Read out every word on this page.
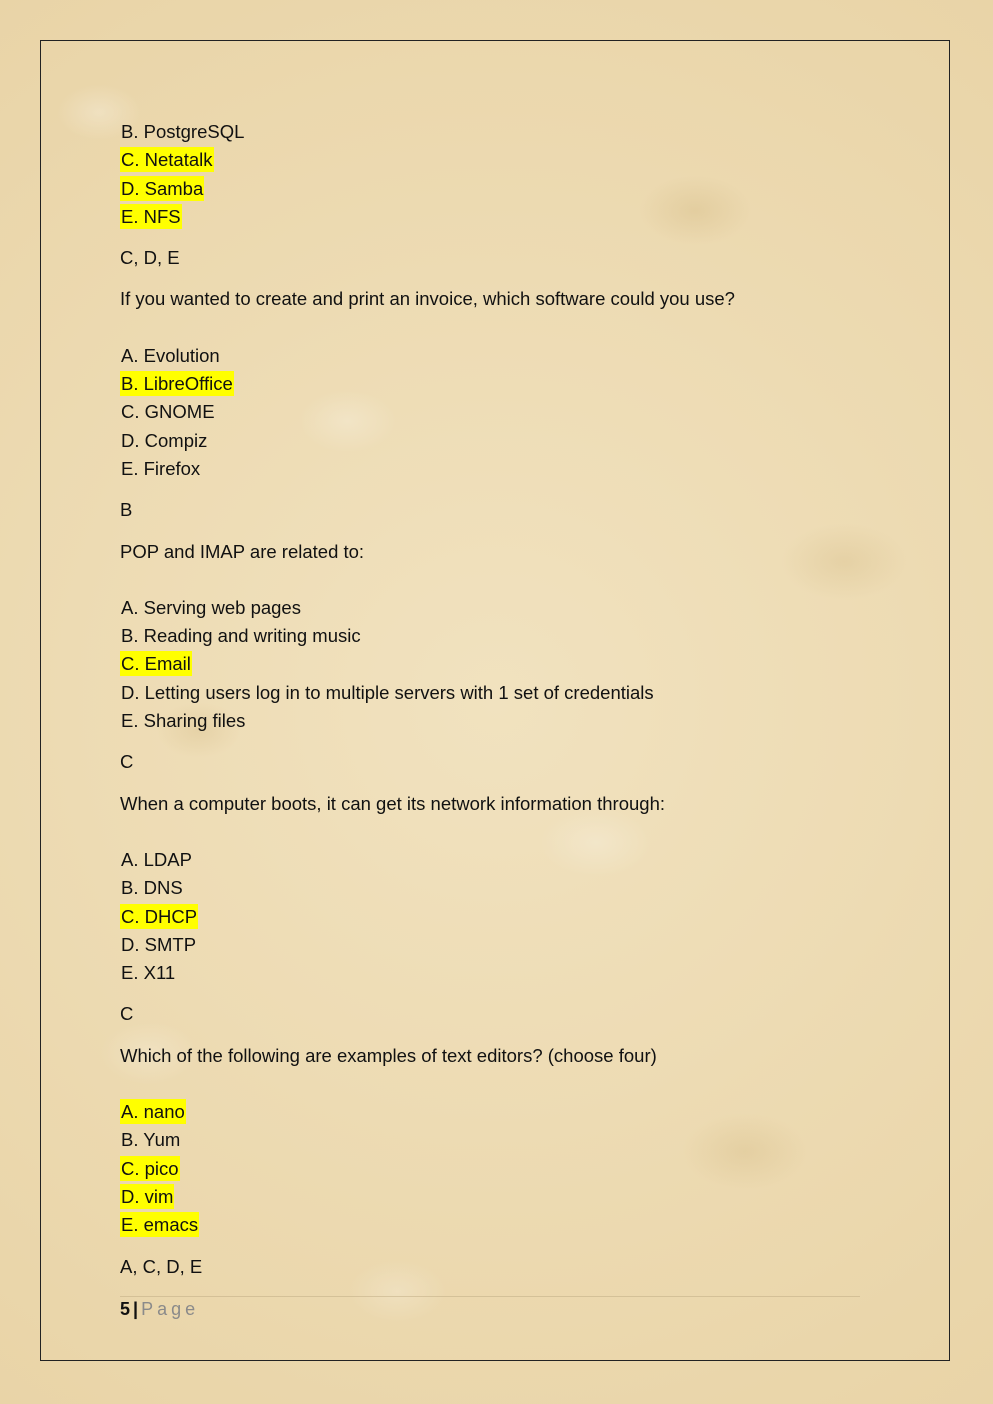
B. PostgreSQL
C. Netatalk
D. Samba
E. NFS
C, D, E
If you wanted to create and print an invoice, which software could you use?
A. Evolution
B. LibreOffice
C. GNOME
D. Compiz
E. Firefox
B
POP and IMAP are related to:
A. Serving web pages
B. Reading and writing music
C. Email
D. Letting users log in to multiple servers with 1 set of credentials
E. Sharing files
C
When a computer boots, it can get its network information through:
A. LDAP
B. DNS
C. DHCP
D. SMTP
E. X11
C
Which of the following are examples of text editors? (choose four)
A. nano
B. Yum
C. pico
D. vim
E. emacs
A, C, D, E
5 | Page
